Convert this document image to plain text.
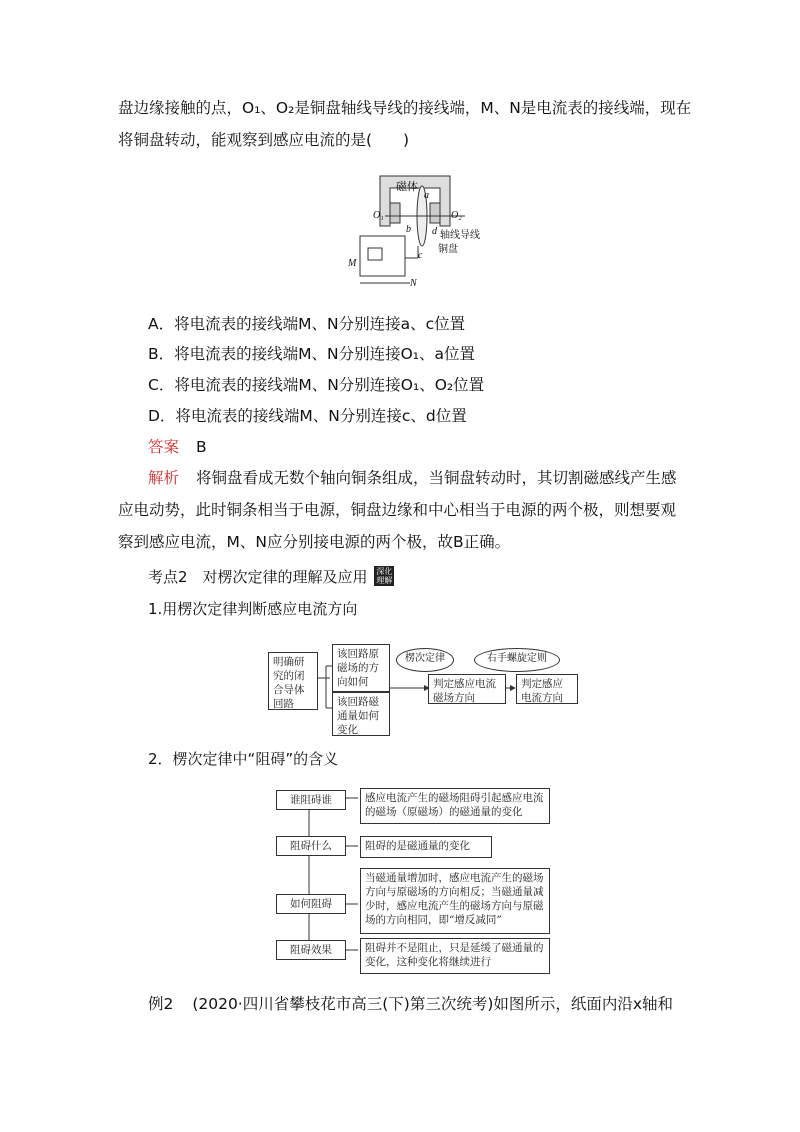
盘边缘接触的点，O₁、O₂是铜盘轴线导线的接线端，M、N是电流表的接线端，现在
将铜盘转动，能观察到感应电流的是(　　)
磁体
O₁	O₂
a
b
c
d 轴线导线
铜盘
M
N
A．将电流表的接线端M、N分别连接a、c位置
B．将电流表的接线端M、N分别连接O₁、a位置
C．将电流表的接线端M、N分别连接O₁、O₂位置
D．将电流表的接线端M、N分别连接c、d位置
答案 B
解析 将铜盘看成无数个轴向铜条组成，当铜盘转动时，其切割磁感线产生感
应电动势，此时铜条相当于电源，铜盘边缘和中心相当于电源的两个极，则想要观
察到感应电流，M、N应分别接电源的两个极，故B正确。
考点2　对楞次定律的理解及应用 深化
理解
1.用楞次定律判断感应电流方向
明确研究的闭合导体回路
该回路原磁场的方向如何
该回路磁通量如何变化
楞次定律
判定感应电流磁场方向
右手螺旋定则
判定感应电流方向
2．楞次定律中“阻碍”的含义
谁阻碍谁	感应电流产生的磁场阻碍引起感应电流的磁场（原磁场）的磁通量的变化
阻碍什么	阻碍的是磁通量的变化
如何阻碍
当磁通量增加时，感应电流产生的磁场方向与原磁场的方向相反；当磁通量减少时，感应电流产生的磁场方向与原磁场的方向相同，即“增反减同”
阻碍效果	阻碍并不是阻止，只是延缓了磁通量的变化，这种变化将继续进行
例2 (2020·四川省攀枝花市高三(下)第三次统考)如图所示，纸面内沿x轴和
